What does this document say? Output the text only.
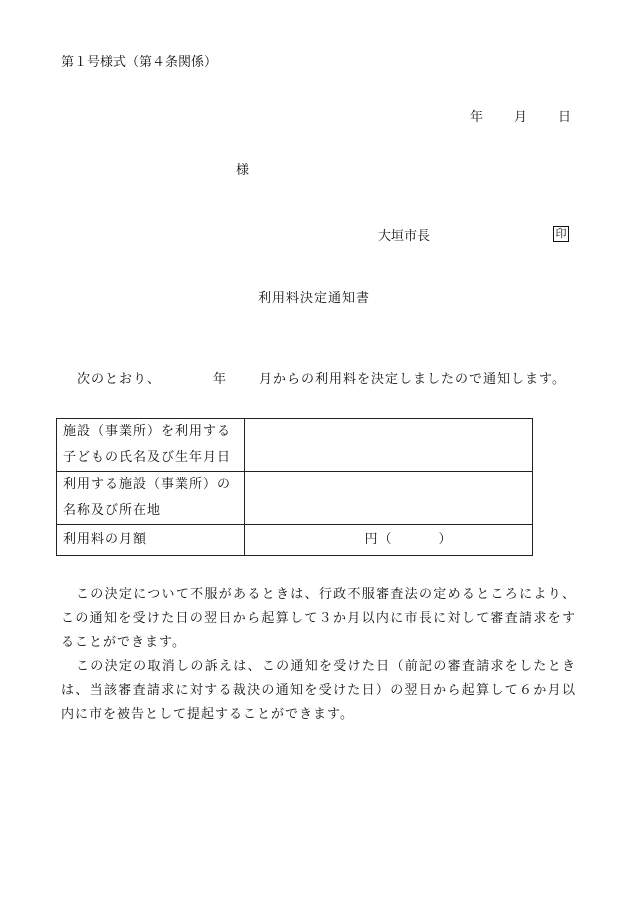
第１号様式（第４条関係）
年 月 日
様
大垣市長	印
利用料決定通知書
次のとおり、	年	月からの利用料を決定しましたので通知します。
施設（事業所）を利用する子どもの氏名及び生年月日	
利用する施設（事業所）の名称及び所在地	
利用料の月額	円（ ）
この決定について不服があるときは、行政不服審査法の定めるところにより、この通知を受けた日の翌日から起算して３か月以内に市長に対して審査請求をすることができます。
この決定の取消しの訴えは、この通知を受けた日（前記の審査請求をしたときは、当該審査請求に対する裁決の通知を受けた日）の翌日から起算して６か月以内に市を被告として提起することができます。
